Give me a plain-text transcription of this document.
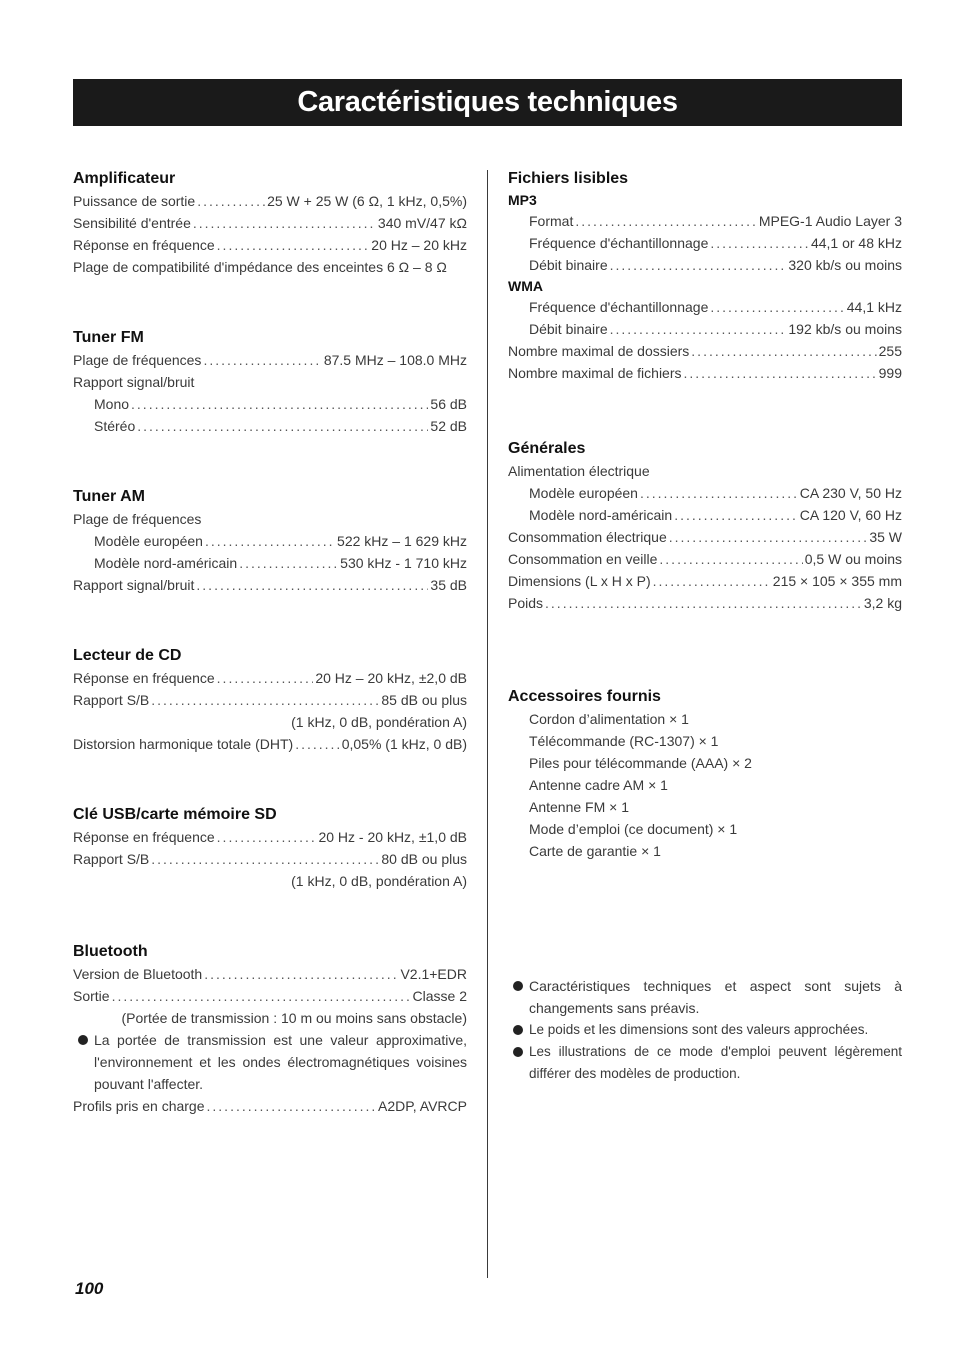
Caractéristiques techniques
Amplificateur
Puissance de sortie .....	25 W + 25 W (6 Ω, 1 kHz, 0,5%)
Sensibilité d'entrée .....	340 mV/47 kΩ
Réponse en fréquence .....	20 Hz – 20 kHz
Plage de compatibilité d'impédance des enceintes 6 Ω – 8 Ω
Tuner FM
Plage de fréquences .....	87.5 MHz – 108.0 MHz
Rapport signal/bruit
Mono .....	56 dB
Stéréo .....	52 dB
Tuner AM
Plage de fréquences
Modèle européen .....	522 kHz – 1 629 kHz
Modèle nord-américain .....	530 kHz - 1 710 kHz
Rapport signal/bruit .....	35 dB
Lecteur de CD
Réponse en fréquence .....	20 Hz – 20 kHz, ±2,0 dB
Rapport S/B .....	85 dB ou plus
(1 kHz, 0 dB, pondération A)
Distorsion harmonique totale (DHT) .....	0,05% (1 kHz, 0 dB)
Clé USB/carte mémoire SD
Réponse en fréquence .....	20 Hz - 20 kHz, ±1,0 dB
Rapport S/B .....	80 dB ou plus
(1 kHz, 0 dB, pondération A)
Bluetooth
Version de Bluetooth .....	V2.1+EDR
Sortie .....	Classe 2
(Portée de transmission : 10 m ou moins sans obstacle)
La portée de transmission est une valeur approximative, l'environnement et les ondes électromagnétiques voisines pouvant l'affecter.
Profils pris en charge .....	A2DP, AVRCP
Fichiers lisibles
MP3
Format .....	MPEG-1 Audio Layer 3
Fréquence d'échantillonnage .....	44,1 or 48 kHz
Débit binaire .....	320 kb/s ou moins
WMA
Fréquence d'échantillonnage .....	44,1 kHz
Débit binaire .....	192 kb/s ou moins
Nombre maximal de dossiers .....	255
Nombre maximal de fichiers .....	999
Générales
Alimentation électrique
Modèle européen .....	CA 230 V, 50 Hz
Modèle nord-américain .....	CA 120 V, 60 Hz
Consommation électrique .....	35 W
Consommation en veille .....	0,5 W ou moins
Dimensions (L x H x P) .....	215 × 105 × 355 mm
Poids .....	3,2 kg
Accessoires fournis
Cordon d’alimentation × 1
Télécommande (RC-1307) × 1
Piles pour télécommande (AAA) × 2
Antenne cadre AM × 1
Antenne FM × 1
Mode d’emploi (ce document) × 1
Carte de garantie × 1
Caractéristiques techniques et aspect sont sujets à changements sans préavis.
Le poids et les dimensions sont des valeurs approchées.
Les illustrations de ce mode d'emploi peuvent légèrement différer des modèles de production.
100
